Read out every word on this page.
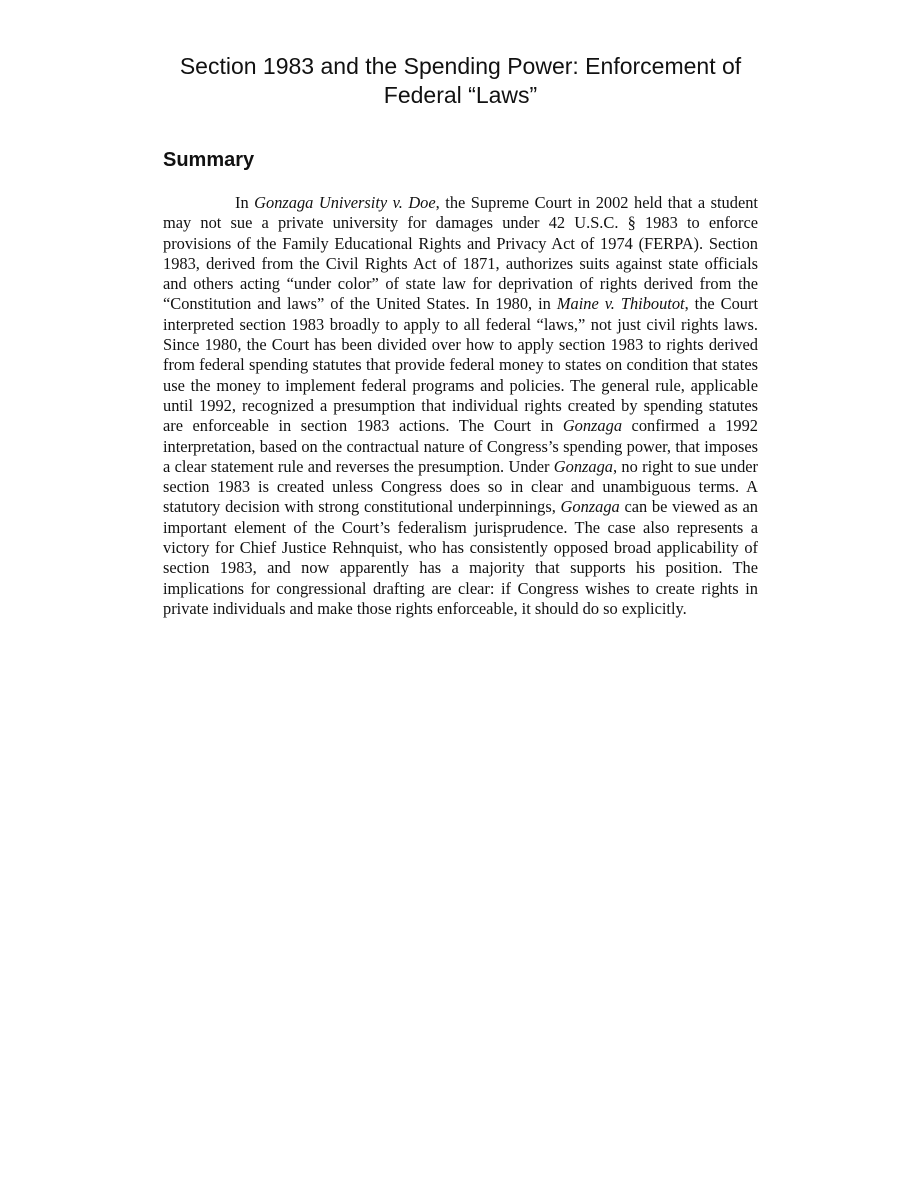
Section 1983 and the Spending Power: Enforcement of Federal “Laws”
Summary

In Gonzaga University v. Doe, the Supreme Court in 2002 held that a student may not sue a private university for damages under 42 U.S.C. § 1983 to enforce provisions of the Family Educational Rights and Privacy Act of 1974 (FERPA). Section 1983, derived from the Civil Rights Act of 1871, authorizes suits against state officials and others acting “under color” of state law for deprivation of rights derived from the “Constitution and laws” of the United States. In 1980, in Maine v. Thiboutot, the Court interpreted section 1983 broadly to apply to all federal “laws,” not just civil rights laws. Since 1980, the Court has been divided over how to apply section 1983 to rights derived from federal spending statutes that provide federal money to states on condition that states use the money to implement federal programs and policies. The general rule, applicable until 1992, recognized a presumption that individual rights created by spending statutes are enforceable in section 1983 actions. The Court in Gonzaga confirmed a 1992 interpretation, based on the contractual nature of Congress’s spending power, that imposes a clear statement rule and reverses the presumption. Under Gonzaga, no right to sue under section 1983 is created unless Congress does so in clear and unambiguous terms. A statutory decision with strong constitutional underpinnings, Gonzaga can be viewed as an important element of the Court’s federalism jurisprudence. The case also represents a victory for Chief Justice Rehnquist, who has consistently opposed broad applicability of section 1983, and now apparently has a majority that supports his position. The implications for congressional drafting are clear: if Congress wishes to create rights in private individuals and make those rights enforceable, it should do so explicitly.
